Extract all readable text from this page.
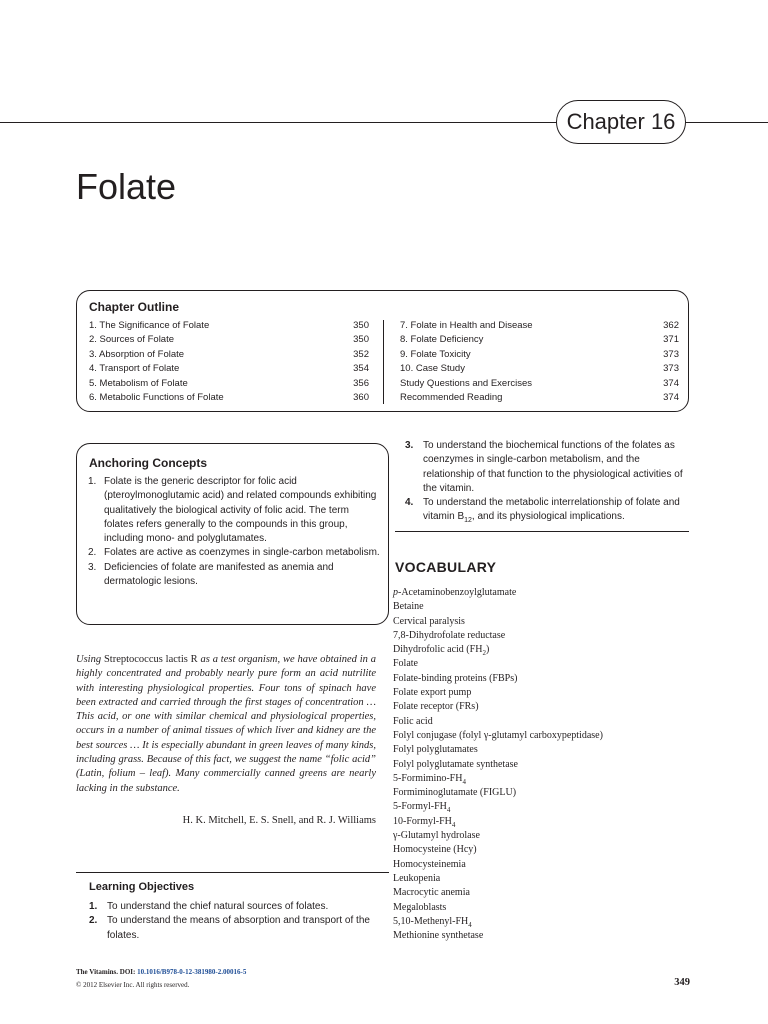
Chapter 16
Folate
Chapter Outline
1. The Significance of Folate	350
2. Sources of Folate	350
3. Absorption of Folate	352
4. Transport of Folate	354
5. Metabolism of Folate	356
6. Metabolic Functions of Folate	360
7. Folate in Health and Disease	362
8. Folate Deficiency	371
9. Folate Toxicity	373
10. Case Study	373
Study Questions and Exercises	374
Recommended Reading	374
Anchoring Concepts
1. Folate is the generic descriptor for folic acid (pteroylmonoglutamic acid) and related compounds exhibiting qualitatively the biological activity of folic acid. The term folates refers generally to the compounds in this group, including mono- and polyglutamates.
2. Folates are active as coenzymes in single-carbon metabolism.
3. Deficiencies of folate are manifested as anemia and dermatologic lesions.
Using Streptococcus lactis R as a test organism, we have obtained in a highly concentrated and probably nearly pure form an acid nutrilite with interesting physiological properties. Four tons of spinach have been extracted and carried through the first stages of concentration … This acid, or one with similar chemical and physiological properties, occurs in a number of animal tissues of which liver and kidney are the best sources … It is especially abundant in green leaves of many kinds, including grass. Because of this fact, we suggest the name “folic acid” (Latin, folium – leaf). Many commercially canned greens are nearly lacking in the substance.
H. K. Mitchell, E. S. Snell, and R. J. Williams
Learning Objectives
1. To understand the chief natural sources of folates.
2. To understand the means of absorption and transport of the folates.
3. To understand the biochemical functions of the folates as coenzymes in single-carbon metabolism, and the relationship of that function to the physiological activities of the vitamin.
4. To understand the metabolic interrelationship of folate and vitamin $B_{12}$, and its physiological implications.
VOCABULARY
p-Acetaminobenzoylglutamate
Betaine
Cervical paralysis
7,8-Dihydrofolate reductase
Dihydrofolic acid $(FH_2)$
Folate
Folate-binding proteins (FBPs)
Folate export pump
Folate receptor (FRs)
Folic acid
Folyl conjugase (folyl γ-glutamyl carboxypeptidase)
Folyl polyglutamates
Folyl polyglutamate synthetase
$5-Formimino-FH_4$
Formiminoglutamate (FIGLU)
$5-Formyl-FH_4$
$10-Formyl-FH_4$
γ-Glutamyl hydrolase
Homocysteine (Hcy)
Homocysteinemia
Leukopenia
Macrocytic anemia
Megaloblasts
$5,10-Methenyl-FH_4$
Methionine synthetase
The Vitamins. DOI: 10.1016/B978-0-12-381980-2.00016-5
© 2012 Elsevier Inc. All rights reserved.	349
